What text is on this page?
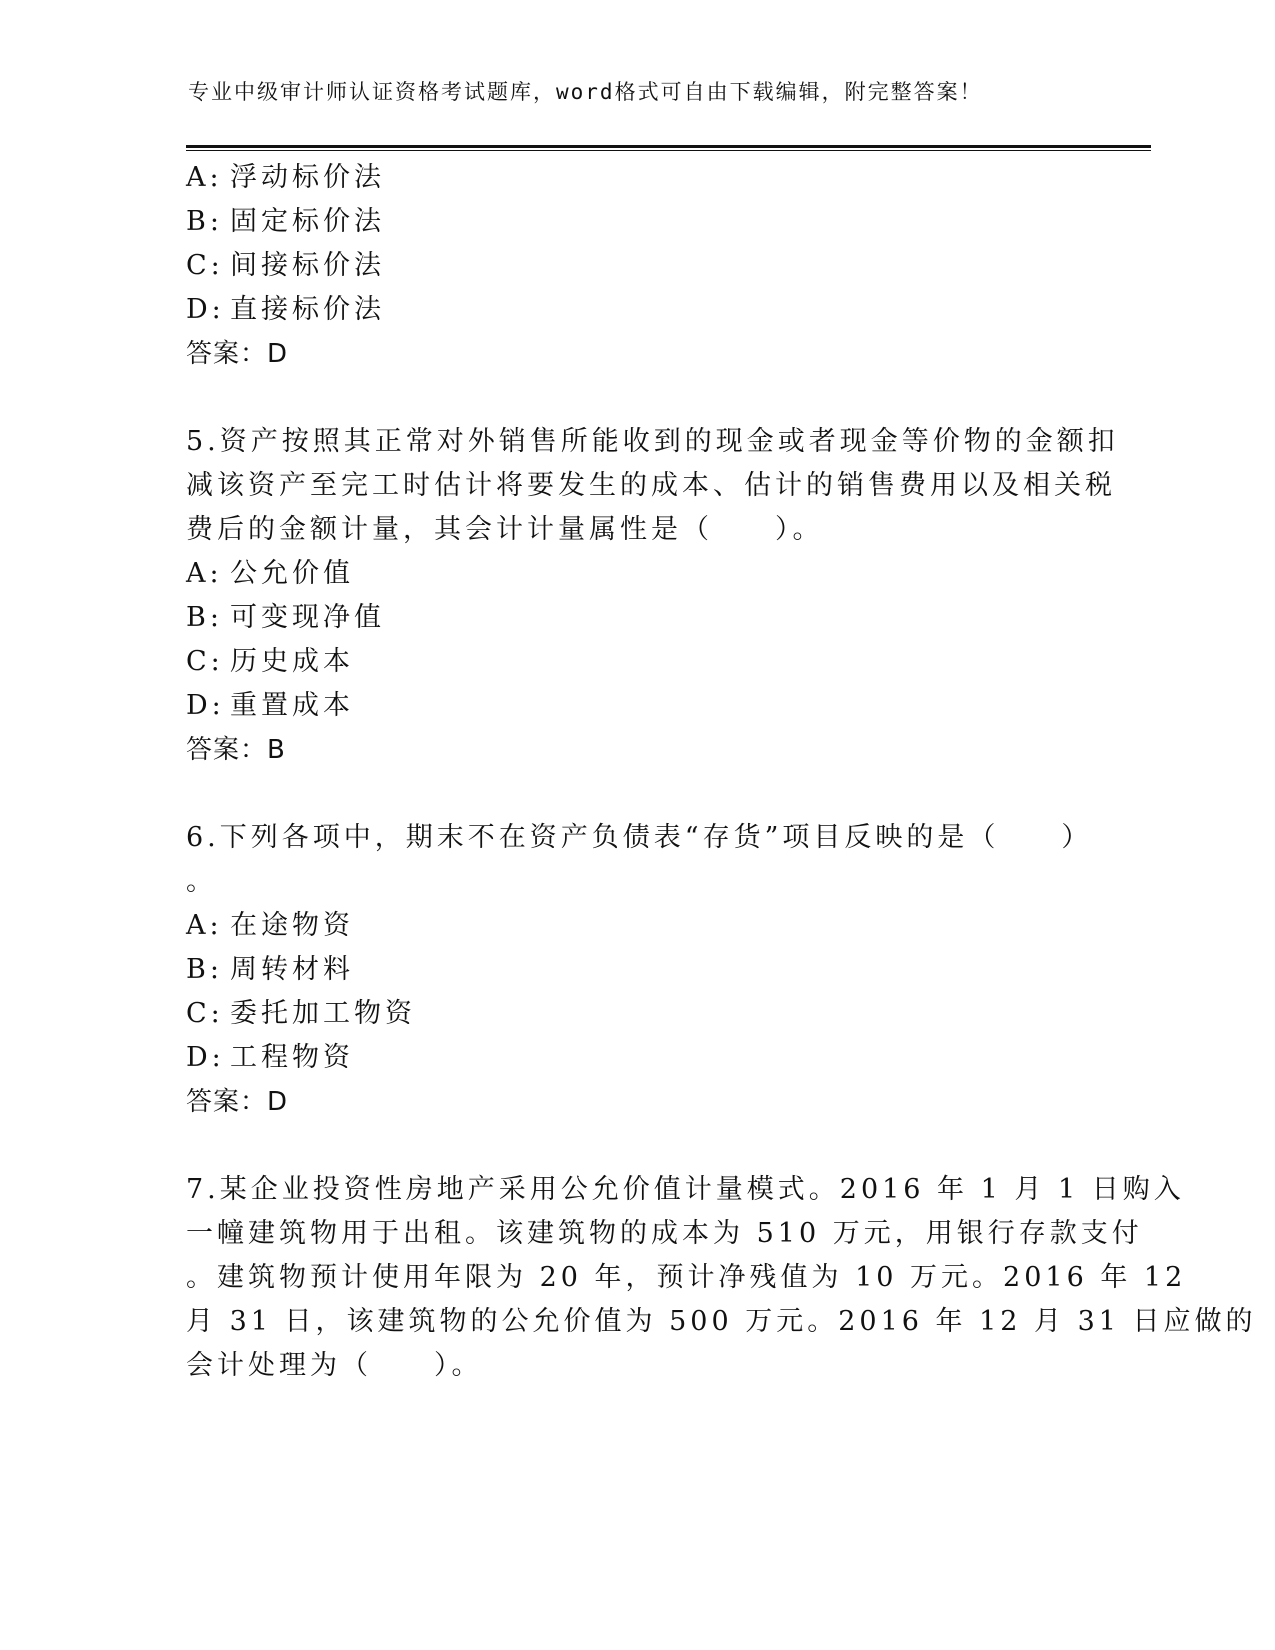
专业中级审计师认证资格考试题库，word格式可自由下载编辑，附完整答案！
A: 浮动标价法
B: 固定标价法
C: 间接标价法
D: 直接标价法
答案：D
5.资产按照其正常对外销售所能收到的现金或者现金等价物的金额扣
减该资产至完工时估计将要发生的成本、估计的销售费用以及相关税
费后的金额计量，其会计计量属性是（　　）。
A: 公允价值
B: 可变现净值
C: 历史成本
D: 重置成本
答案：B
6.下列各项中，期末不在资产负债表“存货”项目反映的是（　　）
。
A: 在途物资
B: 周转材料
C: 委托加工物资
D: 工程物资
答案：D
7.某企业投资性房地产采用公允价值计量模式。2016 年 1 月 1 日购入
一幢建筑物用于出租。该建筑物的成本为 510 万元，用银行存款支付
。建筑物预计使用年限为 20 年，预计净残值为 10 万元。2016 年 12
月 31 日，该建筑物的公允价值为 500 万元。2016 年 12 月 31 日应做的
会计处理为（　　）。
